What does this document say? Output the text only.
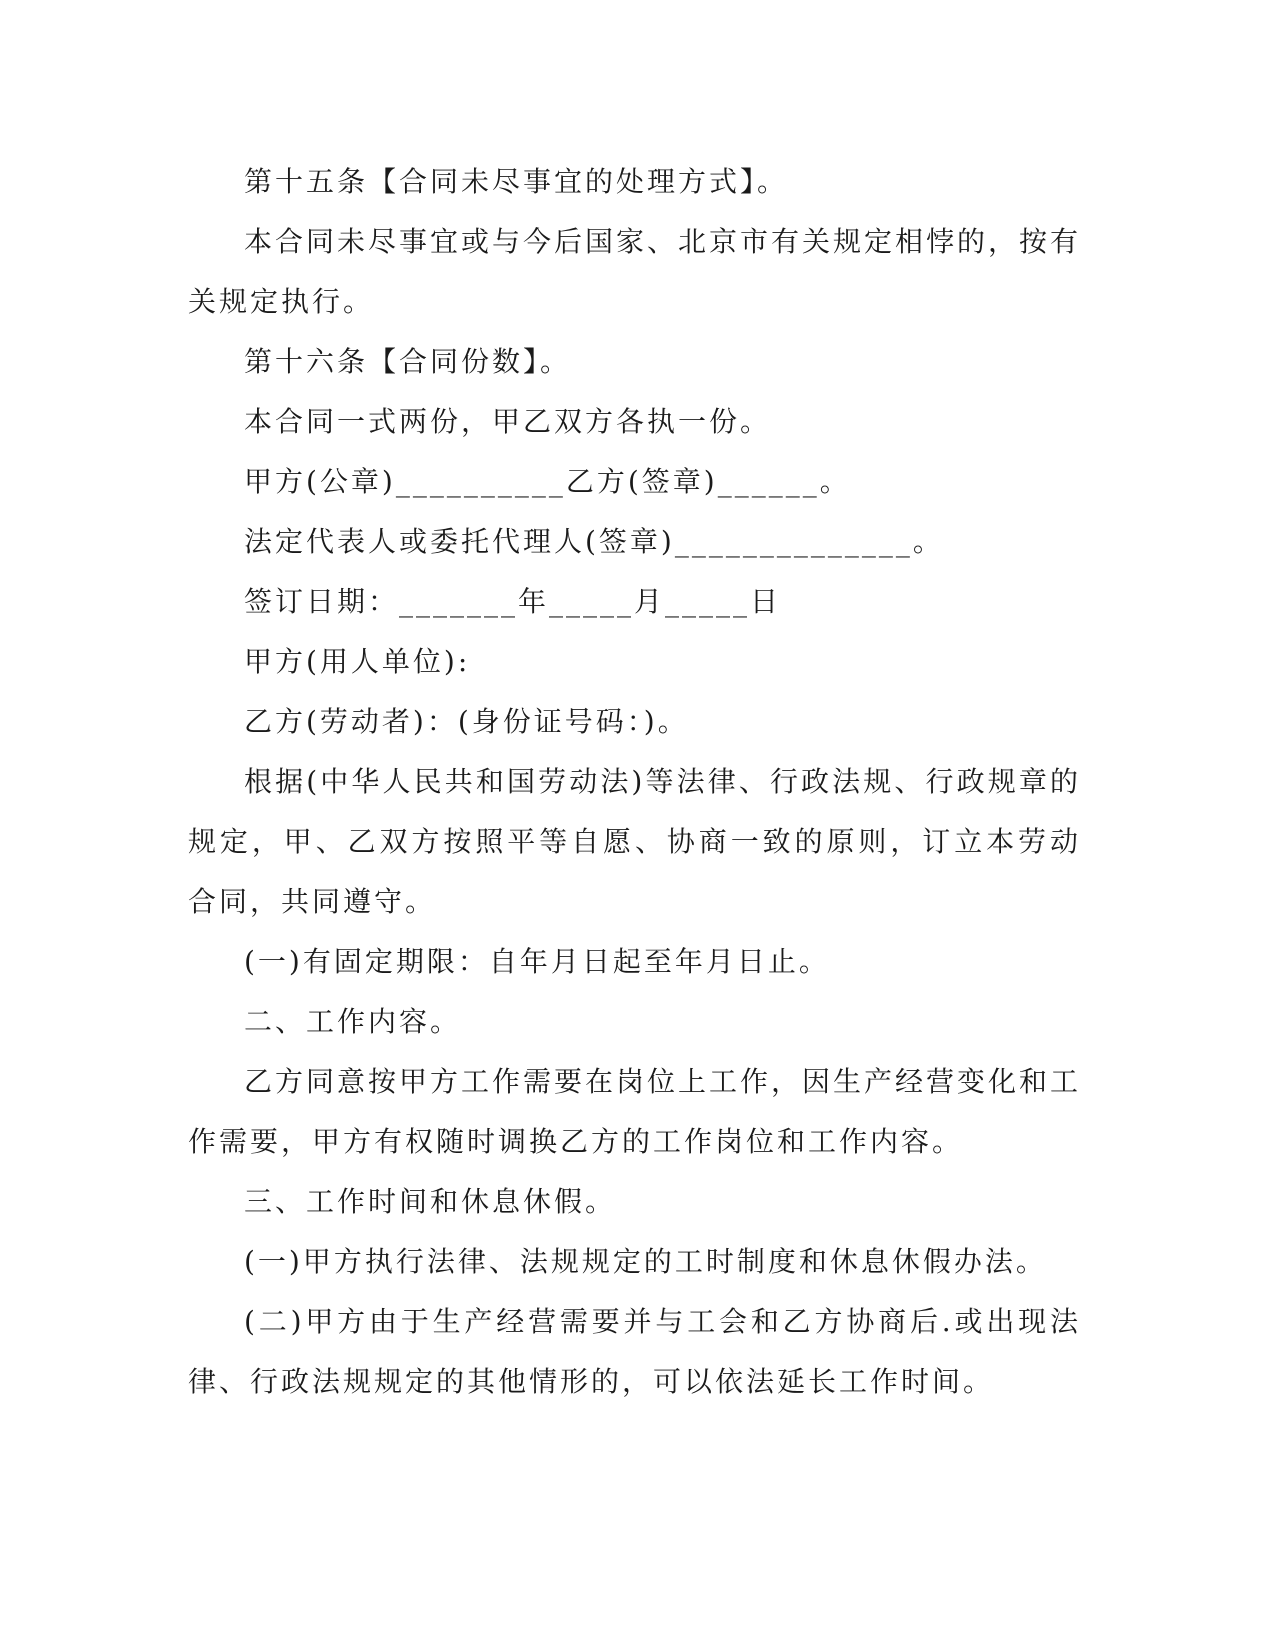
第十五条【合同未尽事宜的处理方式】。

本合同未尽事宜或与今后国家、北京市有关规定相悖的，按有关规定执行。

第十六条【合同份数】。

本合同一式两份，甲乙双方各执一份。

甲方(公章)__________乙方(签章)______。

法定代表人或委托代理人(签章)______________。

签订日期：_______年_____月_____日

甲方(用人单位):

乙方(劳动者)：(身份证号码：)。

根据(中华人民共和国劳动法)等法律、行政法规、行政规章的规定，甲、乙双方按照平等自愿、协商一致的原则，订立本劳动合同，共同遵守。

(一)有固定期限：自年月日起至年月日止。

二、工作内容。

乙方同意按甲方工作需要在岗位上工作，因生产经营变化和工作需要，甲方有权随时调换乙方的工作岗位和工作内容。

三、工作时间和休息休假。

(一)甲方执行法律、法规规定的工时制度和休息休假办法。

(二)甲方由于生产经营需要并与工会和乙方协商后.或出现法律、行政法规规定的其他情形的，可以依法延长工作时间。
